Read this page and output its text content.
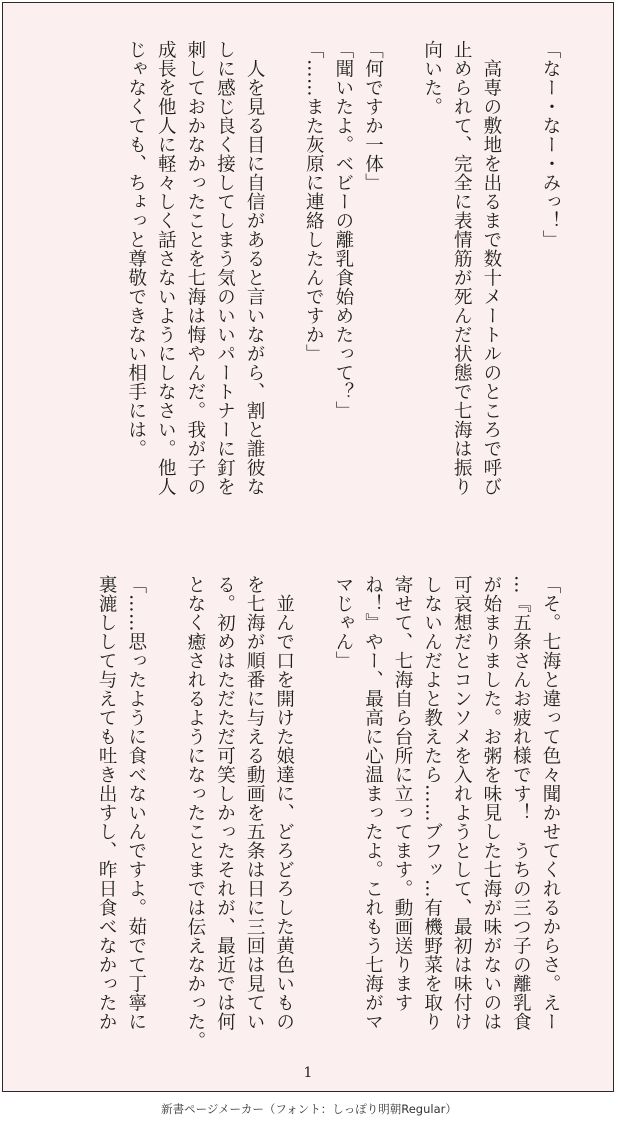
「なー・なー・みっ！」
　高専の敷地を出るまで数十メートルのところで呼び
止められて、完全に表情筋が死んだ状態で七海は振り
向いた。
「何ですか一体」
「聞いたよ。ベビーの離乳食始めたって？」
「……また灰原に連絡したんですか」
　人を見る目に自信があると言いながら、割と誰彼な
しに感じ良く接してしまう気のいいパートナーに釘を
刺しておかなかったことを七海は悔やんだ。我が子の
成長を他人に軽々しく話さないようにしなさい。他人
じゃなくても、ちょっと尊敬できない相手には。
「そ。七海と違って色々聞かせてくれるからさ。えー
…『五条さんお疲れ様です！　うちの三つ子の離乳食
が始まりました。お粥を味見した七海が味がないのは
可哀想だとコンソメを入れようとして、最初は味付け
しないんだよと教えたら……ブフッ…有機野菜を取り
寄せて、七海自ら台所に立ってます。動画送ります
ね！』やー、最高に心温まったよ。これもう七海がマ
マじゃん」
　並んで口を開けた娘達に、どろどろした黄色いもの
を七海が順番に与える動画を五条は日に三回は見てい
る。初めはただただ可笑しかったそれが、最近では何
となく癒されるようになったことまでは伝えなかった。
「……思ったように食べないんですよ。茹でて丁寧に
裏漉しして与えても吐き出すし、昨日食べなかったか
1
新書ページメーカー（フォント：しっぽり明朝Regular）
